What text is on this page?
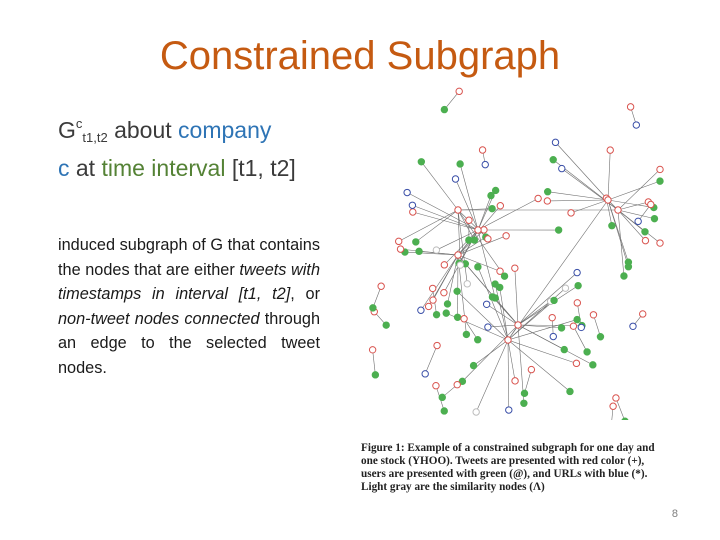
Constrained Subgraph
$G^c_{t1,t2}$ about company
c at time interval [t1, t2]
induced subgraph of G that contains the nodes that are either tweets with timestamps in interval [t1, t2], or non-tweet nodes connected through an edge to the selected tweet nodes.
Figure 1: Example of a constrained subgraph for one day and one stock (YHOO). Tweets are presented with red color (+), users are presented with green (@), and URLs with blue (*). Light gray are the similarity nodes (Λ)
8
